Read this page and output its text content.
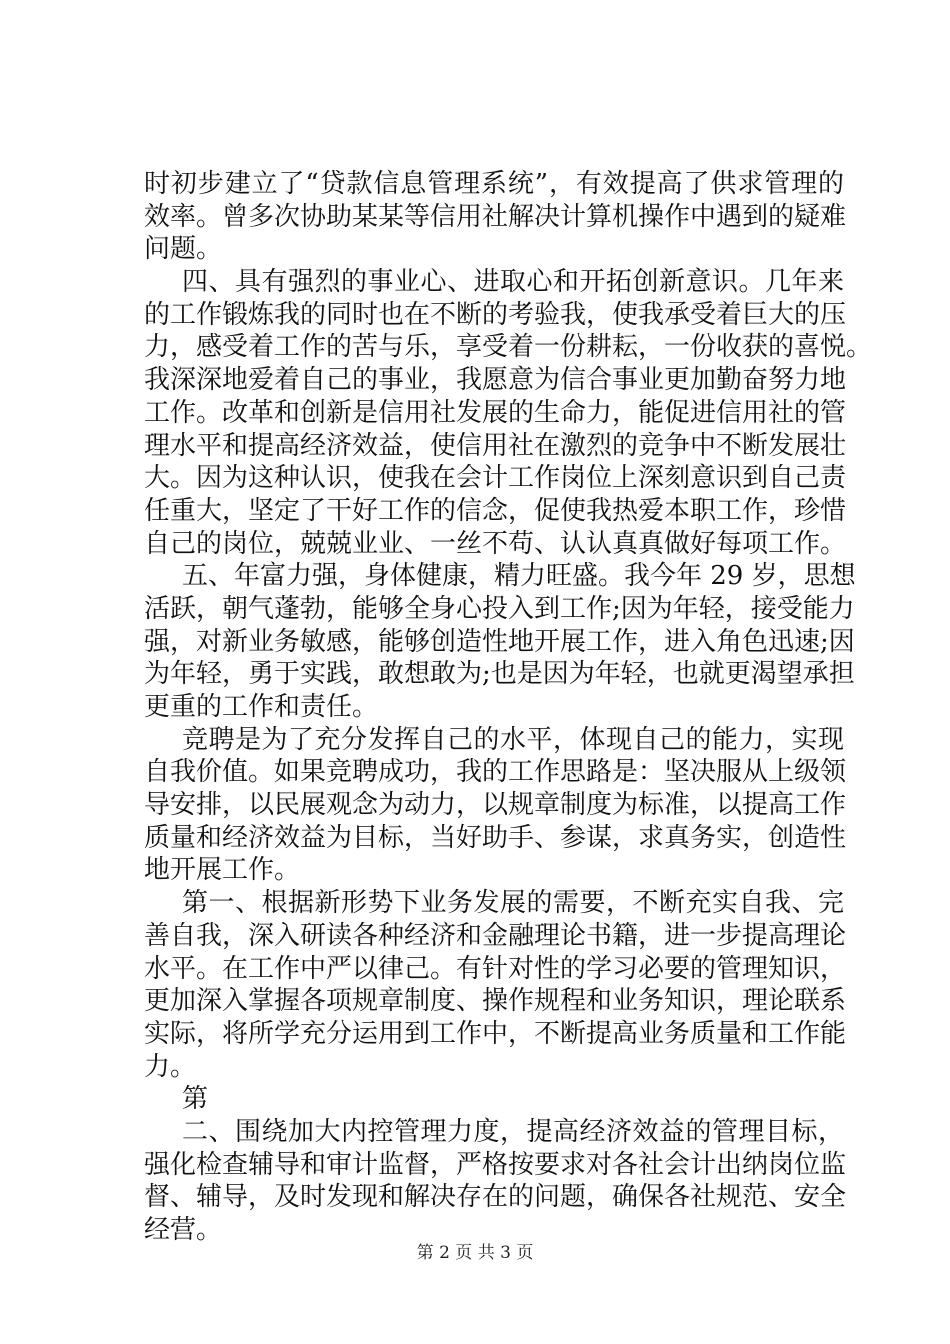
时初步建立了“贷款信息管理系统”，有效提高了供求管理的
效率。曾多次协助某某等信用社解决计算机操作中遇到的疑难
问题。
四、具有强烈的事业心、进取心和开拓创新意识。几年来
的工作锻炼我的同时也在不断的考验我，使我承受着巨大的压
力，感受着工作的苦与乐，享受着一份耕耘，一份收获的喜悦。
我深深地爱着自己的事业，我愿意为信合事业更加勤奋努力地
工作。改革和创新是信用社发展的生命力，能促进信用社的管
理水平和提高经济效益，使信用社在激烈的竞争中不断发展壮
大。因为这种认识，使我在会计工作岗位上深刻意识到自己责
任重大，坚定了干好工作的信念，促使我热爱本职工作，珍惜
自己的岗位，兢兢业业、一丝不苟、认认真真做好每项工作。
五、年富力强，身体健康，精力旺盛。我今年 29 岁，思想
活跃，朝气蓬勃，能够全身心投入到工作;因为年轻，接受能力
强，对新业务敏感，能够创造性地开展工作，进入角色迅速;因
为年轻，勇于实践，敢想敢为;也是因为年轻，也就更渴望承担
更重的工作和责任。
竞聘是为了充分发挥自己的水平，体现自己的能力，实现
自我价值。如果竞聘成功，我的工作思路是：坚决服从上级领
导安排，以民展观念为动力，以规章制度为标准，以提高工作
质量和经济效益为目标，当好助手、参谋，求真务实，创造性
地开展工作。
第一、根据新形势下业务发展的需要，不断充实自我、完
善自我，深入研读各种经济和金融理论书籍，进一步提高理论
水平。在工作中严以律己。有针对性的学习必要的管理知识，
更加深入掌握各项规章制度、操作规程和业务知识，理论联系
实际，将所学充分运用到工作中，不断提高业务质量和工作能
力。
第
二、围绕加大内控管理力度，提高经济效益的管理目标，
强化检查辅导和审计监督，严格按要求对各社会计出纳岗位监
督、辅导，及时发现和解决存在的问题，确保各社规范、安全
经营。
第 2 页 共 3 页
